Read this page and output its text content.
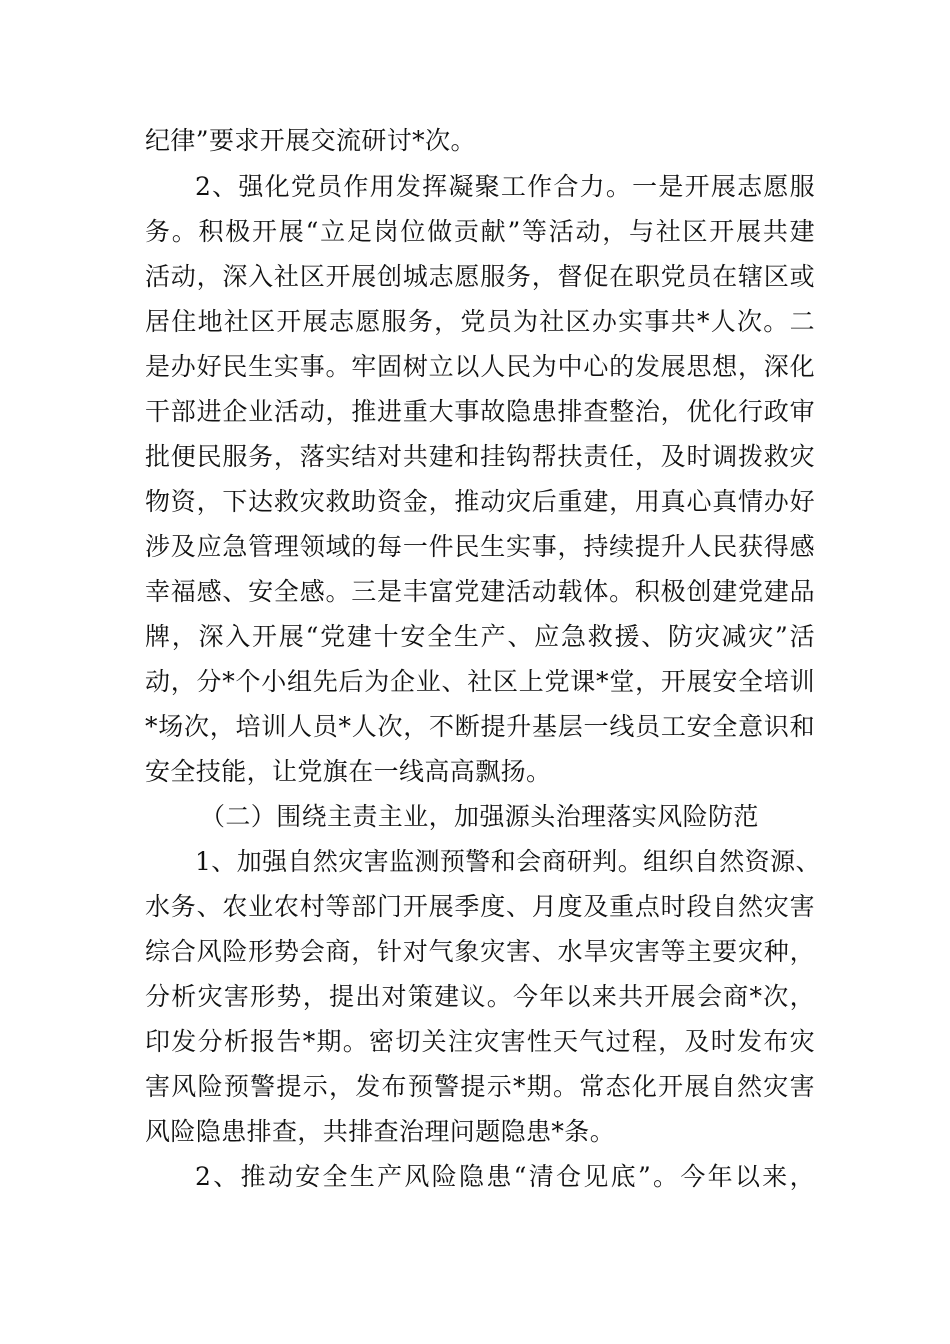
纪律”要求开展交流研讨*次。
2、强化党员作用发挥凝聚工作合力。一是开展志愿服
务。积极开展“立足岗位做贡献”等活动，与社区开展共建
活动，深入社区开展创城志愿服务，督促在职党员在辖区或
居住地社区开展志愿服务，党员为社区办实事共*人次。二
是办好民生实事。牢固树立以人民为中心的发展思想，深化
干部进企业活动，推进重大事故隐患排查整治，优化行政审
批便民服务，落实结对共建和挂钩帮扶责任，及时调拨救灾
物资，下达救灾救助资金，推动灾后重建，用真心真情办好
涉及应急管理领域的每一件民生实事，持续提升人民获得感
幸福感、安全感。三是丰富党建活动载体。积极创建党建品
牌，深入开展“党建十安全生产、应急救援、防灾减灾”活
动，分*个小组先后为企业、社区上党课*堂，开展安全培训
*场次，培训人员*人次，不断提升基层一线员工安全意识和
安全技能，让党旗在一线高高飘扬。
（二）围绕主责主业，加强源头治理落实风险防范
1、加强自然灾害监测预警和会商研判。组织自然资源、
水务、农业农村等部门开展季度、月度及重点时段自然灾害
综合风险形势会商，针对气象灾害、水旱灾害等主要灾种，
分析灾害形势，提出对策建议。今年以来共开展会商*次，
印发分析报告*期。密切关注灾害性天气过程，及时发布灾
害风险预警提示，发布预警提示*期。常态化开展自然灾害
风险隐患排查，共排查治理问题隐患*条。
2、推动安全生产风险隐患“清仓见底”。今年以来，
